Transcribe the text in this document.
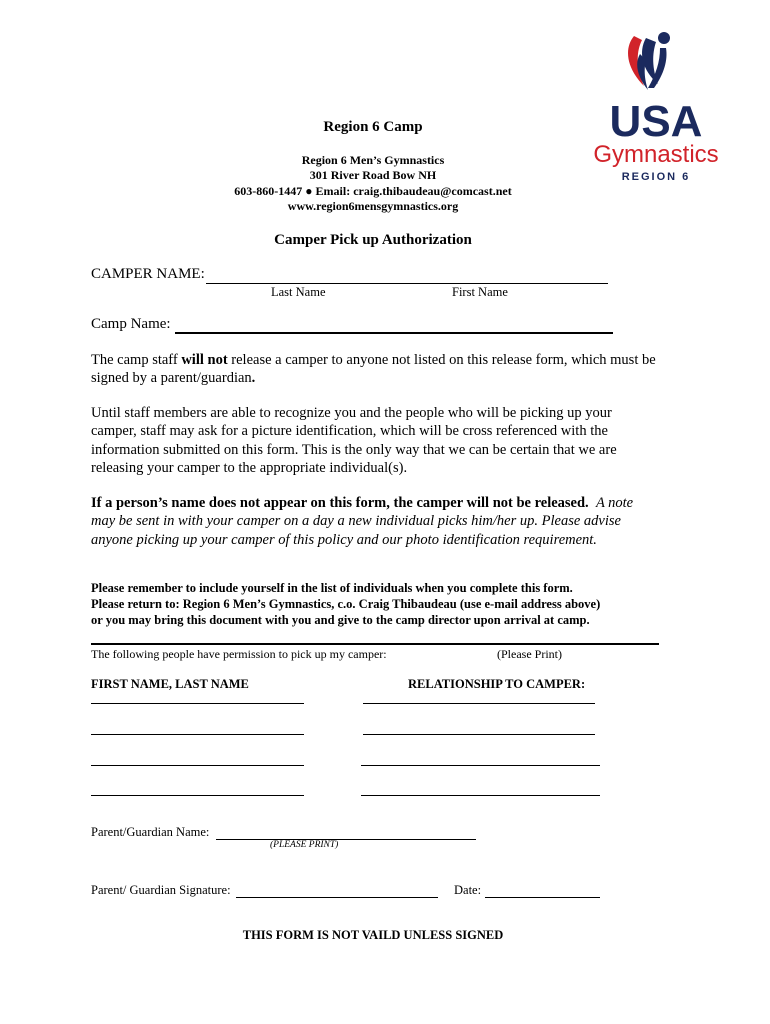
USA
Gymnastics
REGION 6
Region 6 Camp
Region 6 Men’s Gymnastics
301 River Road Bow NH
603-860-1447 ● Email: craig.thibaudeau@comcast.net
www.region6mensgymnastics.org
Camper Pick up Authorization
CAMPER NAME:
Last Name	First Name
Camp Name:
The camp staff will not release a camper to anyone not listed on this release form, which must be signed by a parent/guardian.
Until staff members are able to recognize you and the people who will be picking up your camper, staff may ask for a picture identification, which will be cross referenced with the information submitted on this form. This is the only way that we can be certain that we are releasing your camper to the appropriate individual(s).
If a person’s name does not appear on this form, the camper will not be released. A note may be sent in with your camper on a day a new individual picks him/her up. Please advise anyone picking up your camper of this policy and our photo identification requirement.
Please remember to include yourself in the list of individuals when you complete this form.
Please return to: Region 6 Men’s Gymnastics, c.o. Craig Thibaudeau (use e-mail address above)
or you may bring this document with you and give to the camp director upon arrival at camp.
The following people have permission to pick up my camper:	(Please Print)
FIRST NAME, LAST NAME	RELATIONSHIP TO CAMPER:
Parent/Guardian Name:
(PLEASE PRINT)
Parent/ Guardian Signature:	Date:
THIS FORM IS NOT VAILD UNLESS SIGNED
